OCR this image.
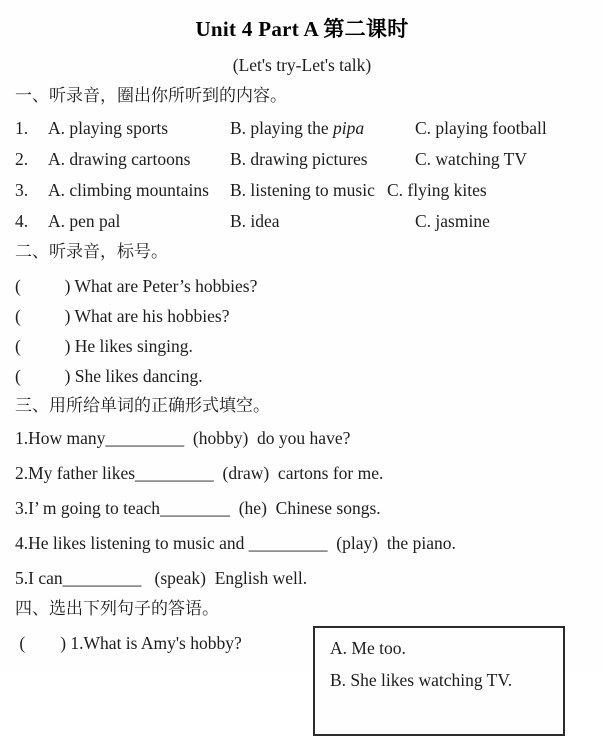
Unit 4 Part A 第二课时
(Let's try-Let's talk)
一、听录音，圈出你所听到的内容。
1.	A. playing sports	B. playing the pipa	C. playing football
2.	A. drawing cartoons	B. drawing pictures	C. watching TV
3.	A. climbing mountains	B. listening to music C. flying kites
4.	A. pen pal	B. idea	C. jasmine
二、听录音，标号。
(          ) What are Peter’s hobbies?
(          ) What are his hobbies?
(          ) He likes singing.
(          ) She likes dancing.
三、用所给单词的正确形式填空。
1.How many_________  (hobby)  do you have?
2.My father likes_________  (draw)  cartons for me.
3.I’ m going to teach________  (he)  Chinese songs.
4.He likes listening to music and _________  (play)  the piano.
5.I can_________   (speak)  English well.
四、选出下列句子的答语。
(        ) 1.What is Amy's hobby?	A. Me too.
B. She likes watching TV.
